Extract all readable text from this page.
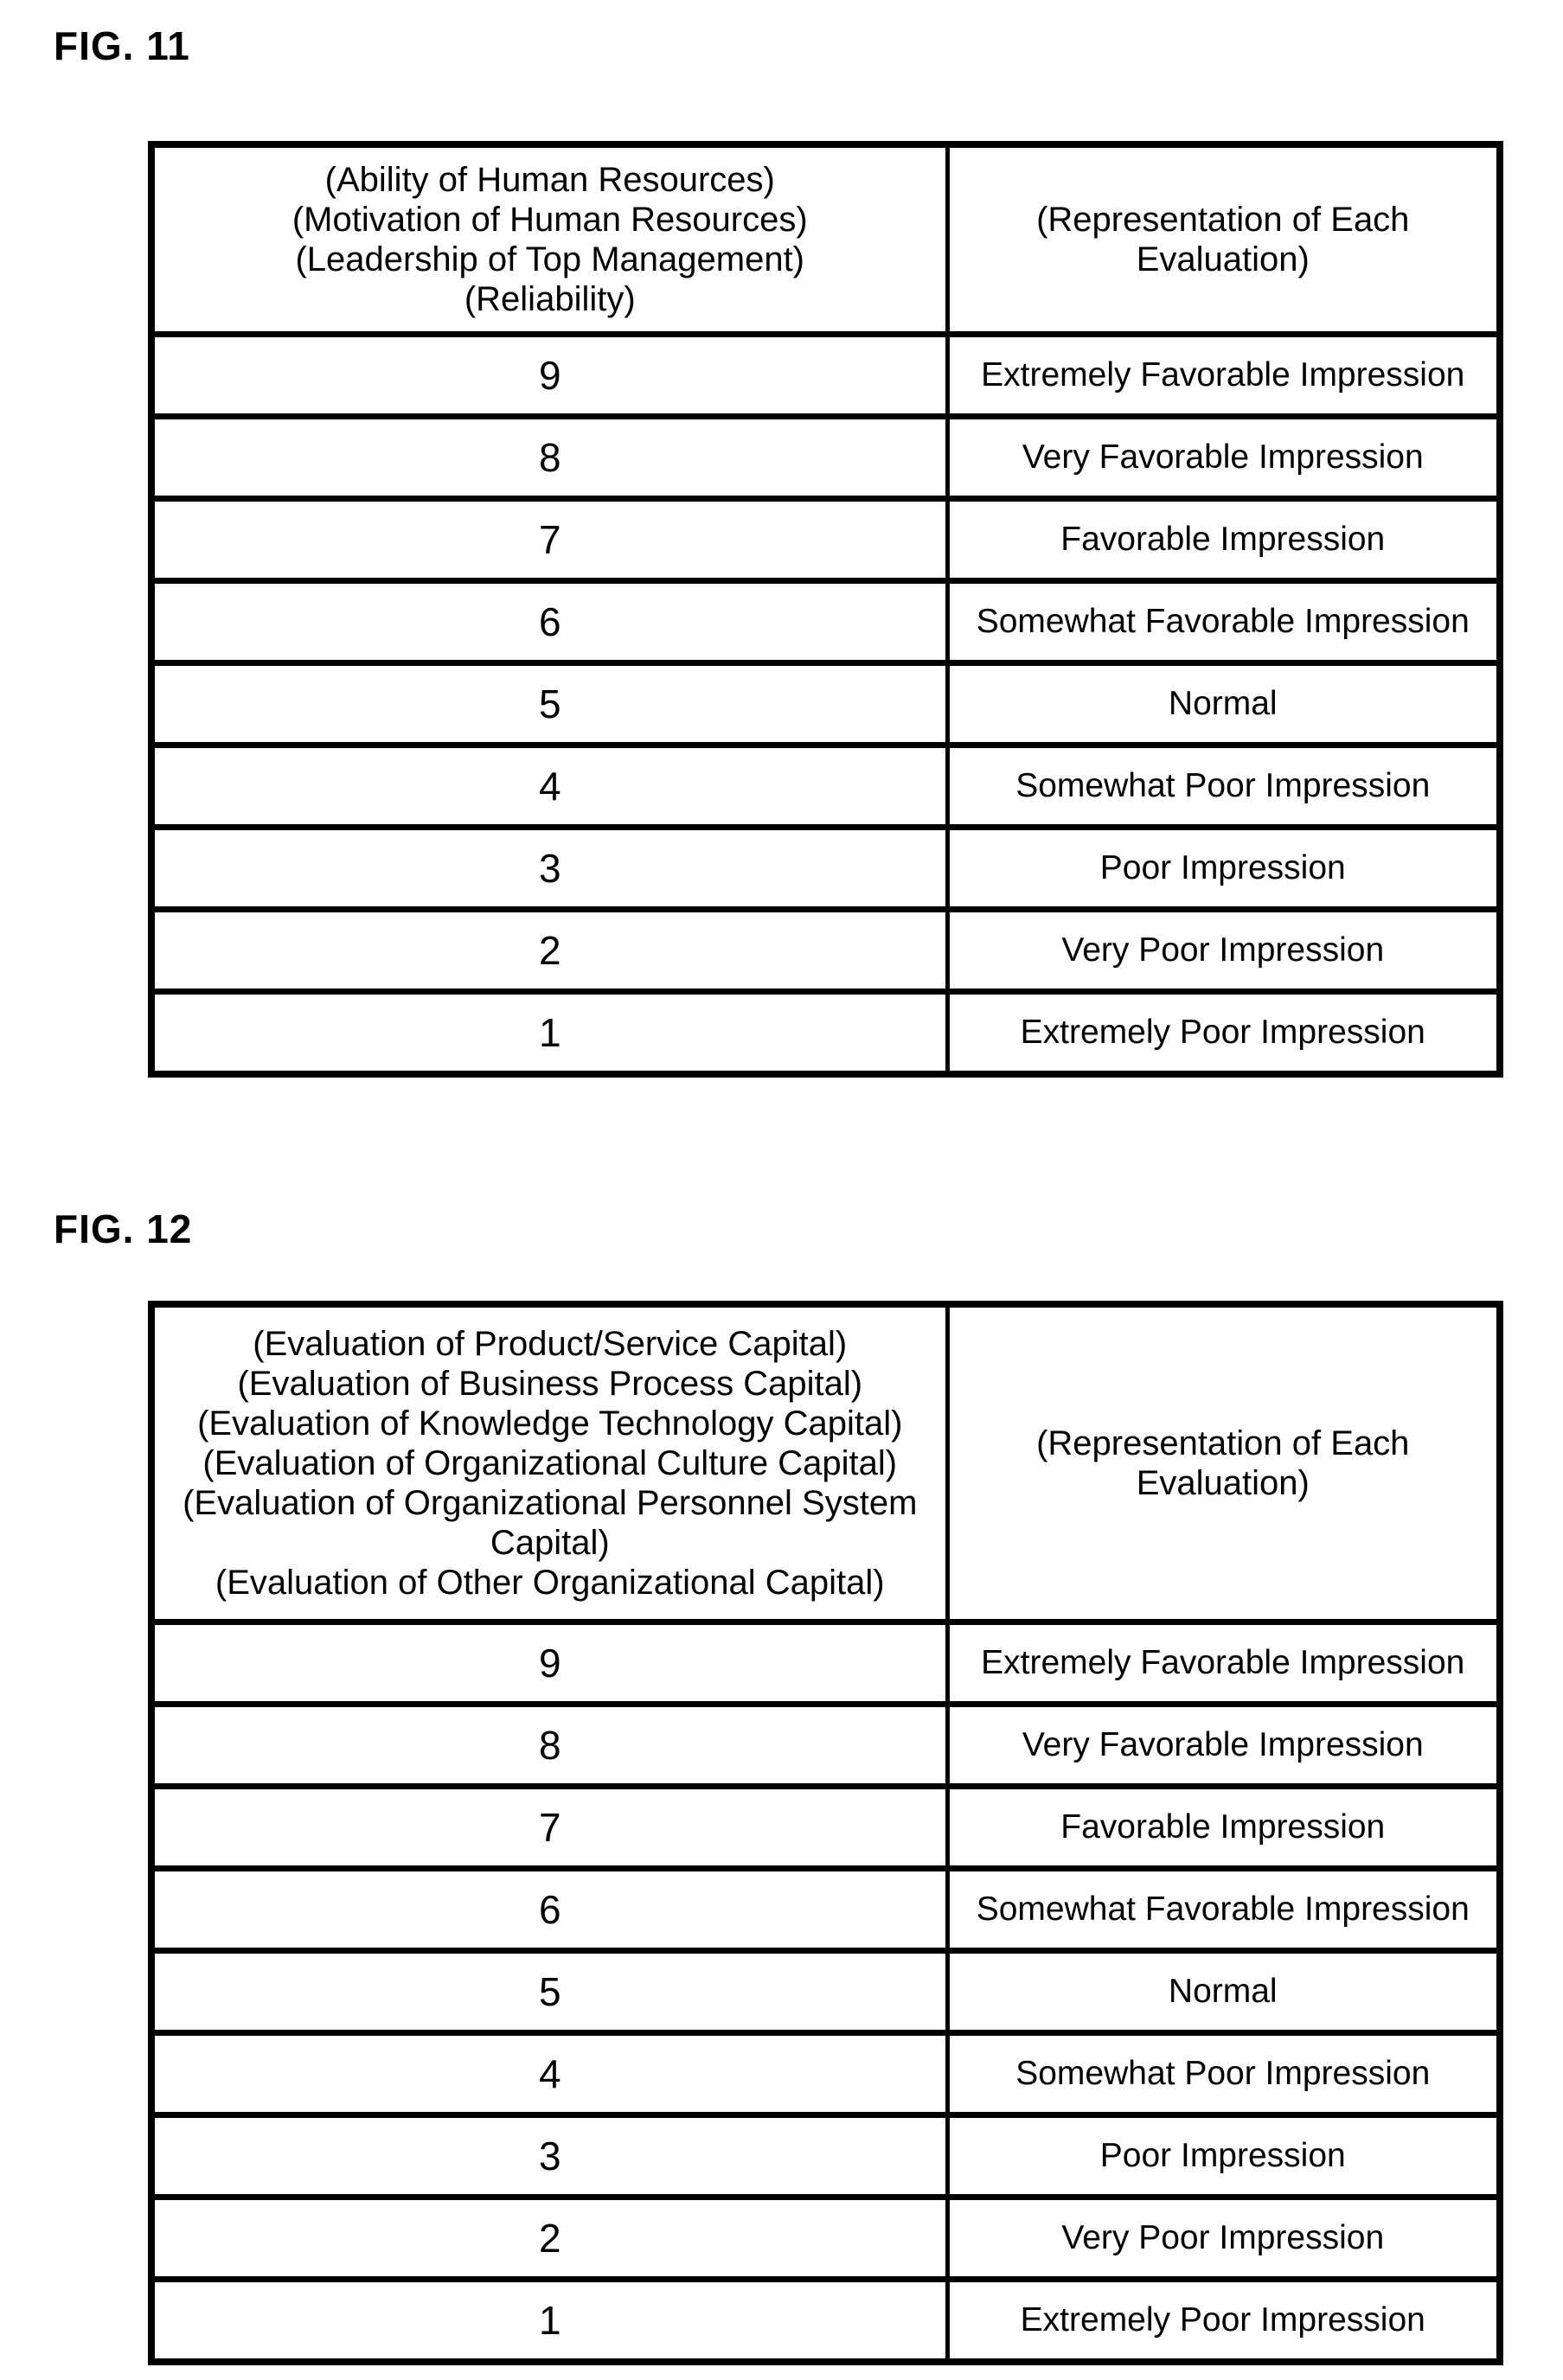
FIG. 11
(Ability of Human Resources)
(Motivation of Human Resources)
(Leadership of Top Management)
(Reliability)	(Representation of Each Evaluation)
9	Extremely Favorable Impression
8	Very Favorable Impression
7	Favorable Impression
6	Somewhat Favorable Impression
5	Normal
4	Somewhat Poor Impression
3	Poor Impression
2	Very Poor Impression
1	Extremely Poor Impression
FIG. 12
(Evaluation of Product/Service Capital)
(Evaluation of Business Process Capital)
(Evaluation of Knowledge Technology Capital)
(Evaluation of Organizational Culture Capital)
(Evaluation of Organizational Personnel System Capital)
(Evaluation of Other Organizational Capital)	(Representation of Each Evaluation)
9	Extremely Favorable Impression
8	Very Favorable Impression
7	Favorable Impression
6	Somewhat Favorable Impression
5	Normal
4	Somewhat Poor Impression
3	Poor Impression
2	Very Poor Impression
1	Extremely Poor Impression
